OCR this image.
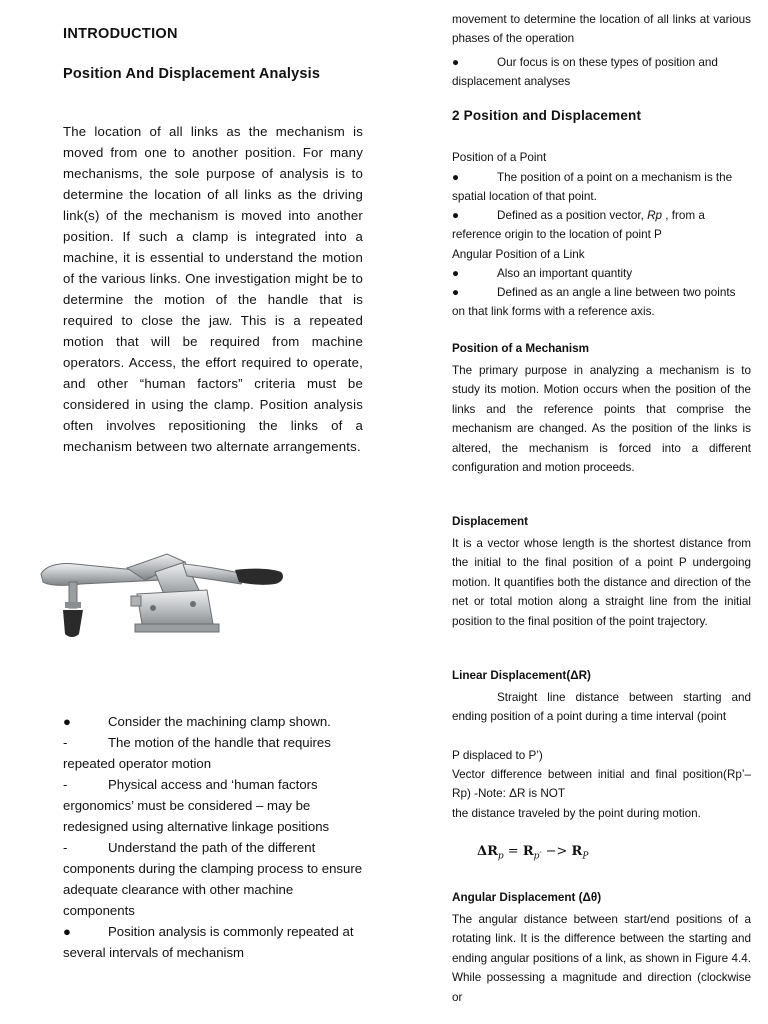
INTRODUCTION

Position And Displacement Analysis

The location of all links as the mechanism is moved from one to another position. For many mechanisms, the sole purpose of analysis is to determine the location of all links as the driving link(s) of the mechanism is moved into another position. If such a clamp is integrated into a machine, it is essential to understand the motion of the various links. One investigation might be to determine the motion of the handle that is required to close the jaw. This is a repeated motion that will be required from machine operators. Access, the effort required to operate, and other “human factors” criteria must be considered in using the clamp. Position analysis often involves repositioning the links of a mechanism between two alternate arrangements.

●	Consider the machining clamp shown.

-	The motion of the handle that requires repeated operator motion

-	Physical access and ‘human factors ergonomics’ must be considered – may be redesigned using alternative linkage positions

-	Understand the path of the different components during the clamping process to ensure adequate clearance with other machine components

●	Position analysis is commonly repeated at several intervals of mechanism

movement to determine the location of all links at various phases of the operation

●	Our focus is on these types of position and displacement analyses

2 Position and Displacement

Position of a Point

●	The position of a point on a mechanism is the spatial location of that point.

●	Defined as a position vector, Rp , from a reference origin to the location of point P

Angular Position of a Link

●	Also an important quantity

●	Defined as an angle a line between two points on that link forms with a reference axis.

Position of a Mechanism

The primary purpose in analyzing a mechanism is to study its motion. Motion occurs when the position of the links and the reference points that comprise the mechanism are changed. As the position of the links is altered, the mechanism is forced into a different configuration and motion proceeds.

Displacement

It is a vector whose length is the shortest distance from the initial to the final position of a point P undergoing motion. It quantifies both the distance and direction of the net or total motion along a straight line from the initial position to the final position of the point trajectory.

Linear Displacement(ΔR)

Straight line distance between starting and ending position of a point during a time interval (point

P displaced to P’)

Vector difference between initial and final position(Rp’– Rp) -Note: ΔR is NOT

the distance traveled by the point during motion.

$\Delta R_p = R_{p'} -> R_P$

Angular Displacement (Δθ)

The angular distance between start/end positions of a rotating link. It is the difference between the starting and ending angular positions of a link, as shown in Figure 4.4. While possessing a magnitude and direction (clockwise or
